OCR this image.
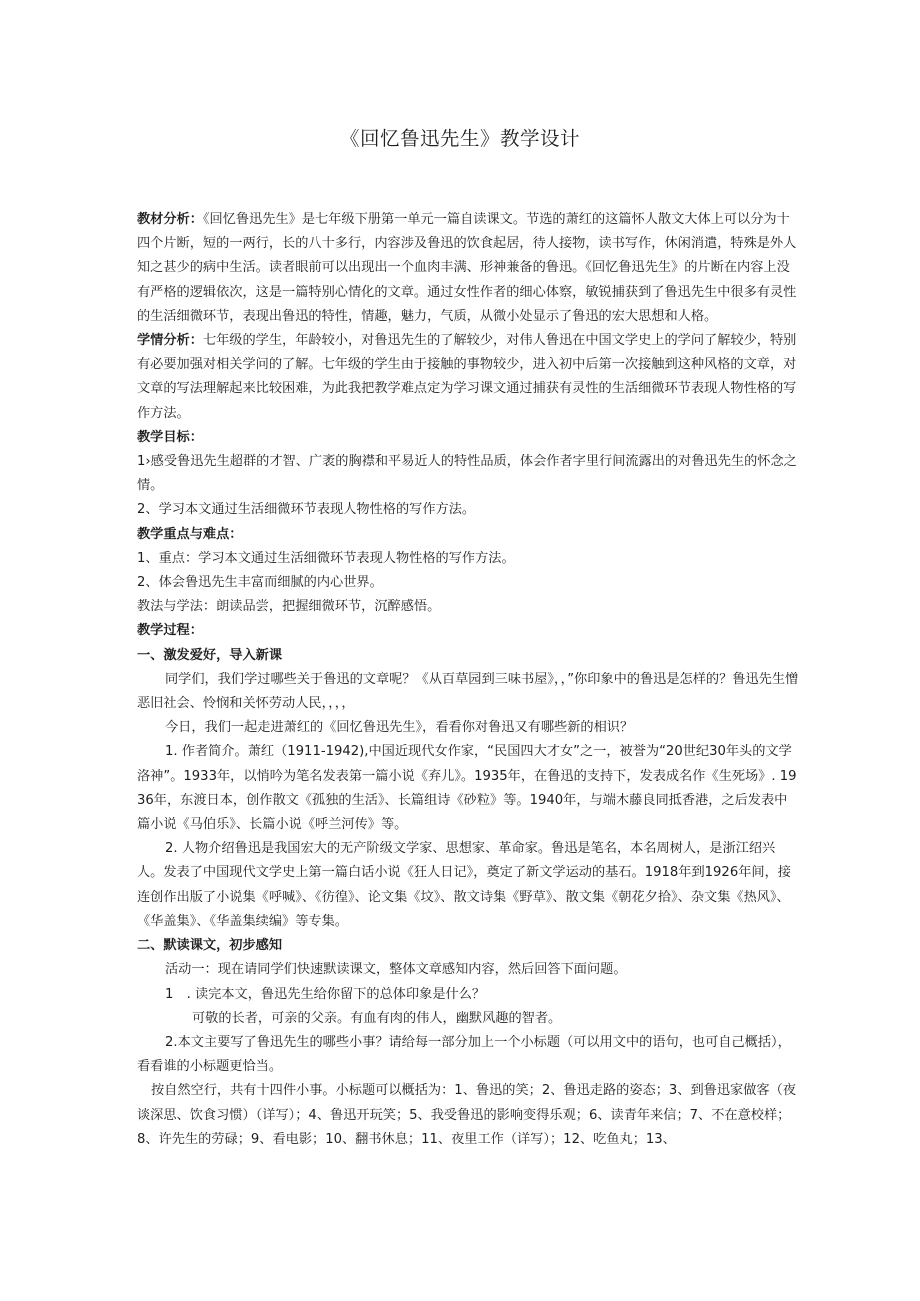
《回忆鲁迅先生》教学设计

教材分析：《回忆鲁迅先生》是七年级下册第一单元一篇自读课文。节选的萧红的这篇怀人散文大体上可以分为十四个片断，短的一两行，长的八十多行，内容涉及鲁迅的饮食起居，待人接物，读书写作，休闲消遣，特殊是外人知之甚少的病中生活。读者眼前可以出现出一个血肉丰满、形神兼备的鲁迅。《回忆鲁迅先生》的片断在内容上没有严格的逻辑依次，这是一篇特别心情化的文章。通过女性作者的细心体察，敏锐捕获到了鲁迅先生中很多有灵性的生活细微环节，表现出鲁迅的特性，情趣，魅力，气质，从微小处显示了鲁迅的宏大思想和人格。

学情分析：七年级的学生，年龄较小，对鲁迅先生的了解较少，对伟人鲁迅在中国文学史上的学问了解较少，特别有必要加强对相关学问的了解。七年级的学生由于接触的事物较少，进入初中后第一次接触到这种风格的文章，对文章的写法理解起来比较困难，为此我把教学难点定为学习课文通过捕获有灵性的生活细微环节表现人物性格的写作方法。

教学目标：

1›感受鲁迅先生超群的才智、广袤的胸襟和平易近人的特性品质，体会作者字里行间流露出的对鲁迅先生的怀念之情。

2、学习本文通过生活细微环节表现人物性格的写作方法。

教学重点与难点：

1、重点：学习本文通过生活细微环节表现人物性格的写作方法。

2、体会鲁迅先生丰富而细腻的内心世界。

教法与学法：朗读品尝，把握细微环节，沉醉感悟。

教学过程：

一、激发爱好，导入新课

同学们，我们学过哪些关于鲁迅的文章呢？《从百草园到三味书屋》，，”你印象中的鲁迅是怎样的？鲁迅先生憎恶旧社会、怜悯和关怀劳动人民，，，，

今日，我们一起走进萧红的《回忆鲁迅先生》，看看你对鲁迅又有哪些新的相识？

1. 作者简介。萧红（1911-1942),中国近现代女作家，“民国四大才女”之一，被誉为“20世纪30年头的文学洛神”。1933年，以悄吟为笔名发表第一篇小说《弃儿》。1935年，在鲁迅的支持下，发表成名作《生死场》. 1936年，东渡日本，创作散文《孤独的生活》、长篇组诗《砂粒》等。1940年，与端木藤良同抵香港，之后发表中篇小说《马伯乐》、长篇小说《呼兰河传》等。

2. 人物介绍鲁迅是我国宏大的无产阶级文学家、思想家、革命家。鲁迅是笔名，本名周树人，是浙江绍兴人。发表了中国现代文学史上第一篇白话小说《狂人日记》，奠定了新文学运动的基石。1918年到1926年间，接连创作出版了小说集《呼喊》、《彷徨》、论文集《坟》、散文诗集《野草》、散文集《朝花夕拾》、杂文集《热风》、《华盖集》、《华盖集续编》等专集。

二、默读课文，初步感知

活动一：现在请同学们快速默读课文，整体文章感知内容，然后回答下面问题。

1　. 读完本文，鲁迅先生给你留下的总体印象是什么？

可敬的长者，可亲的父亲。有血有肉的伟人，幽默风趣的智者。

2.本文主要写了鲁迅先生的哪些小事？请给每一部分加上一个小标题（可以用文中的语句，也可自己概括），看看谁的小标题更恰当。

按自然空行，共有十四件小事。小标题可以概括为：1、鲁迅的笑；2、鲁迅走路的姿态；3、到鲁迅家做客（夜谈深思、饮食习惯）（详写）；4、鲁迅开玩笑；5、我受鲁迅的影响变得乐观；6、读青年来信；7、不在意校样；8、许先生的劳碌；9、看电影；10、翻书休息；11、夜里工作（详写）；12、吃鱼丸；13、
